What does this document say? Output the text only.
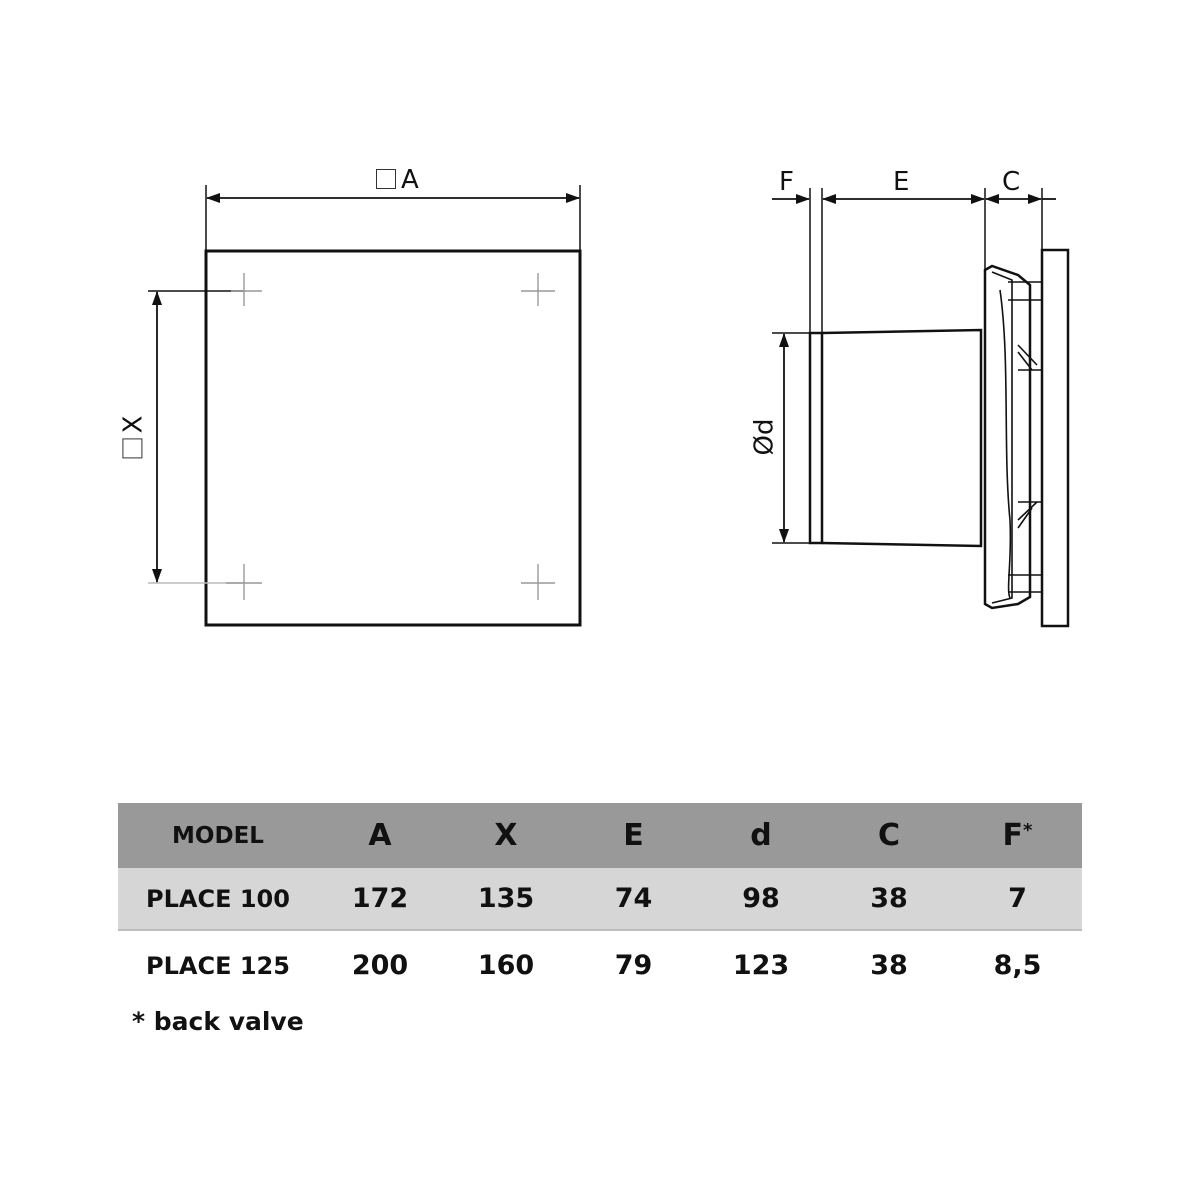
A
X
F	E	C
Ød
MODEL	A	X	E	d	C	F*
PLACE 100	172	135	74	98	38	7
PLACE 125	200	160	79	123	38	8,5
* back valve
